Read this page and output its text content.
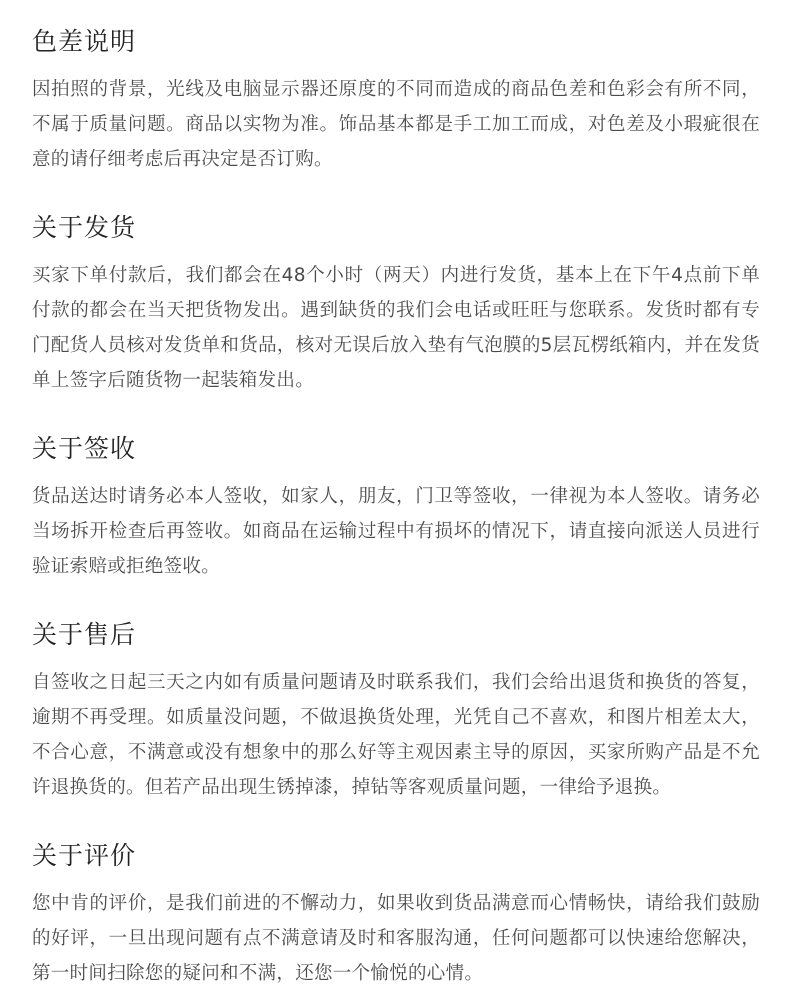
色差说明

因拍照的背景，光线及电脑显示器还原度的不同而造成的商品色差和色彩会有所不同，不属于质量问题。商品以实物为准。饰品基本都是手工加工而成，对色差及小瑕疵很在意的请仔细考虑后再决定是否订购。

关于发货

买家下单付款后，我们都会在48个小时（两天）内进行发货，基本上在下午4点前下单付款的都会在当天把货物发出。遇到缺货的我们会电话或旺旺与您联系。发货时都有专门配货人员核对发货单和货品，核对无误后放入垫有气泡膜的5层瓦楞纸箱内，并在发货单上签字后随货物一起装箱发出。

关于签收

货品送达时请务必本人签收，如家人，朋友，门卫等签收，一律视为本人签收。请务必当场拆开检查后再签收。如商品在运输过程中有损坏的情况下，请直接向派送人员进行验证索赔或拒绝签收。

关于售后

自签收之日起三天之内如有质量问题请及时联系我们，我们会给出退货和换货的答复，逾期不再受理。如质量没问题，不做退换货处理，光凭自己不喜欢，和图片相差太大，不合心意，不满意或没有想象中的那么好等主观因素主导的原因，买家所购产品是不允许退换货的。但若产品出现生锈掉漆，掉钻等客观质量问题，一律给予退换。

关于评价

您中肯的评价，是我们前进的不懈动力，如果收到货品满意而心情畅快，请给我们鼓励的好评，一旦出现问题有点不满意请及时和客服沟通，任何问题都可以快速给您解决，第一时间扫除您的疑问和不满，还您一个愉悦的心情。
